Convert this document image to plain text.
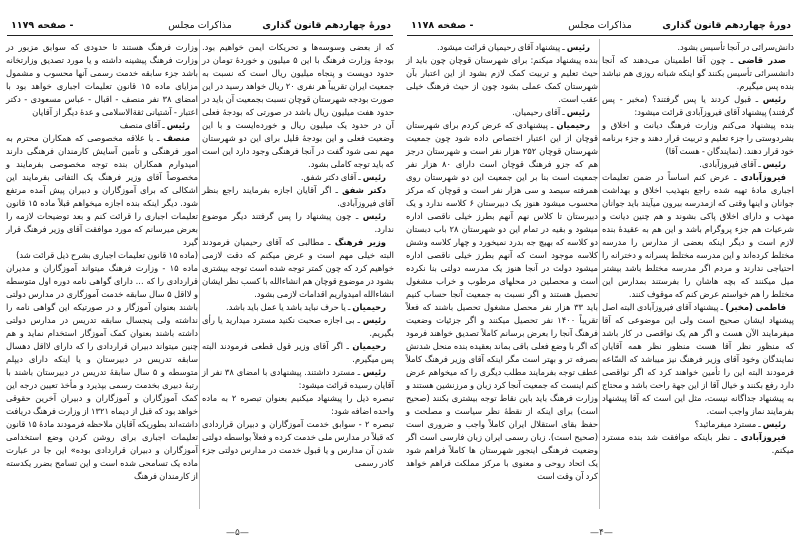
دورهٔ چهاردهم قانون گذاری
مذاکرات مجلس
- صفحه ۱۱۷۹

که از بعضی وسوسه‌ها و تحریکات ایمن خواهیم بود. بودجهٔ وزارت فرهنگ با این ۵ میلیون و خوردهٔ تومان در حدود دویست و پنجاه میلیون ریال است که نسبت به جمعیت ایران تقریباً هر نفری ۲۰ ریال خواهد رسید در این صورت بودجه شهرستان قوچان نسبت بجمعیت آن باید در حدود هفت میلیون ریال باشد در صورتی که بودجهٔ فعلی آن در حدود یک میلیون ریال و خورده‌ایست و با این وضعیت فعلی و این بودجهٔ قلیل برای این دو شهرستان مهم نمی شود گفت در آنجا فرهنگی وجود دارد این است که باید توجه کاملی بشود.

رئیس ـ آقای دکتر شفق.

دکتر شفق ـ اگر آقایان اجازه بفرمایند راجع بنظر آقای فیروزآبادی.

رئیس ـ چون پیشنهاد را پس گرفتند دیگر موضوع ندارد.

وزیر فرهنگ ـ مطالبی که آقای رحیمیان فرمودند البته خیلی مهم است و عرض میکنم که دقت لازمی خواهیم کرد که چون کمتر توجه شده است توجه بیشتری بشود در موضوع قوچان هم انشاءالله با کسب نظر ایشان انشاءالله امیدواریم اقدامات لازمی بشود.

رحیمیان ـ یا حرف نباید باشد یا عمل باید باشد.

رئیس ـ بی اجازه صحبت نکنید مسترد میدارید یا رأی بگیریم.

رحیمیان ـ اگر آقای وزیر قول قطعی فرمودند البته پس میگیرم.

رئیس ـ مسترد داشتند. پیشنهادی با امضای ۳۸ نفر از آقایان رسیده قرائت میشود:

تبصره ذیل را پیشنهاد میکنیم بعنوان تبصره ۲ به ماده واحده اضافه شود:

تبصره ۲ - سوابق خدمت آموزگاران و دبیران قراردادی که قبلاً در مدارس ملی خدمت کرده و فعلاً بواسطه دولتی شدن آن مدارس و یا قبول خدمت در مدارس دولتی جزء کادر رسمی

وزارت فرهنگ هستند تا حدودی که سوابق مزبور در وزارت فرهنگ پیشینه داشته و یا مورد تصدیق وزارتخانه باشد جزء سابقه خدمت رسمی آنها محسوب و مشمول مزایای ماده ۱۵ قانون تعلیمات اجباری خواهد بود با امضای ۳۸ نفر منصف - اقبال - عباس مسعودی - دکتر اعتبار - آشتیانی ثقةالاسلامی و عدهٔ دیگر از آقایان

رئیس ـ آقای منصف

منصف ـ با علاقه مخصوصی که همکاران محترم به امور فرهنگی و تأمین آسایش کارمندان فرهنگی دارند امیدوارم همکاران بنده توجه مخصوصی بفرمایند و مخصوصاً آقای وزیر فرهنگ یک التفاتی بفرمایند این اشکالی که برای آموزگاران و دبیران پیش آمده مرتفع شود. دیگر اینکه بنده اجازه میخواهم قبلاً ماده ۱۵ قانون تعلیمات اجباری را قرائت کنم و بعد توضیحات لازمه را بعرض میرسانم که مورد موافقت آقای وزیر فرهنگ قرار گیرد

(ماده ۱۵ قانون تعلیمات اجباری بشرح ذیل قرائت شد)

ماده ۱۵ - وزارت فرهنگ میتواند آموزگاران و مدیران قراردادی را که ... دارای گواهی نامه دوره اول متوسطه و لااقل ۵ سال سابقه خدمت آموزگاری در مدارس دولتی باشند بعنوان آموزگار و در صورتیکه این گواهی نامه را نداشته ولی پنجسال سابقه تدریس در مدارس دولتی داشته باشند بعنوان کمک آموزگار استخدام نماید و هم چنین میتواند دبیران قراردادی را که دارای لااقل دهسال سابقه تدریس در دبیرستان و یا اینکه دارای دیپلم متوسطه و ۵ سال سابقهٔ تدریس در دبیرستان باشند با رتبهٔ دبیری بخدمت رسمی بپذیرد و مأخذ تعیین درجه این کمک آموزگاران و آموزگاران و دبیران آخرین حقوقی خواهد بود که قبل از دیماه ۱۳۲۱ از وزارت فرهنگ دریافت داشته‌اند بطوریکه آقایان ملاحظه فرمودند مادهٔ ۱۵ قانون تعلیمات اجباری برای روشن کردن وضع استخدامی آموزگاران و دبیران قراردادی بوده» این جا در عبارت ماده یک تسامحی شده است و این تسامح بضرر یکدسته از کارمندان فرهنگ

—۵—
دورهٔ چهاردهم قانون گذاری
مذاکرات مجلس
- صفحه ۱۱۷۸

دانش‌سرائی در آنجا تأسیس بشود.

صدر قاضی ـ چون آقا اطمینان می‌دهند که آنجا دانشسرائی تأسیس بکنند گو اینکه شبانه روزی هم نباشد بنده پس میگیرم.

رئیس ـ قبول کردند یا پس گرفتند؟ (مخبر - پس گرفتند) پیشنهاد آقای فیروزآبادی قرائت میشود:

بنده پیشنهاد می‌کنم وزارت فرهنگ دیانت و اخلاق و بشردوستی را جزء تعلیم و تربیت قرار دهند و جزء برنامه خود قرار دهند. (نمایندگان - هست آقا)

رئیس ـ آقای فیروزآبادی.

فیروزآبادی ـ عرض کنم اساساً در ضمن تعلیمات اجباری مادهٔ تهیه شده راجع بتهذیب اخلاق و بهداشت جوانان و اینها وقتی که ازمدرسه بیرون میآیند باید جوانان مهذب و دارای اخلاق پاکی بشوند و هم چنین دیانت و شرعیات هم جزء پروگرام باشد و این هم به عقیدهٔ بنده لازم است و دیگر اینکه بعضی از مدارس را مدرسه مختلط کرده‌اند و این مدرسه مختلط پسرانه و دخترانه را احتیاجی ندارند و مردم اگر مدرسه مختلط باشد بیشتر میل میکنند که بچه هاشان را بفرستند بمدارس این مختلط را هم خواستم عرض کنم که موقوف کنند.

فاطمی (مخبر) ـ پیشنهاد آقای فیروزآبادی البته اصل پیشنهاد ایشان صحیح است ولی این موضوعی که آقا میفرمایند الآن هست و اگر هم یک نواقصی در کار باشد که منظور نظر آقا هست منظور نظر همه آقایان نمایندگان وخود آقای وزیر فرهنگ نیز میباشد که السّاعه فرمودند البته این را تأمین خواهند کرد که اگر نواقصی دارد رفع بکنند و خیال آقا از این جهة راحت باشد و محتاج به پیشنهاد جداگانه نیست، مثل این است که آقا پیشنهاد بفرمایند نماز واجب است.

رئیس ـ مسترد میفرمائید؟

فیروزآبادی ـ نظر باینکه موافقت شد بنده مسترد میکنم.

رئیس ـ پیشنهاد آقای رحیمیان قرائت میشود.

بنده پیشنهاد میکنم: برای شهرستان قوچان چون باید از حیث تعلیم و تربیت کمک لازم بشود از این اعتبار بآن شهرستان کمک عملی بشود چون از حیث فرهنگ خیلی عقب است.

رئیس ـ آقای رحیمیان.

رحیمیان ـ پیشنهادی که عرض کردم برای شهرستان قوچان از این اعتبار اختصاص داده شود چون جمعیت شهرستان قوچان ۲۵۲ هزار نفر است و شهرستان درجز هم که جزو فرهنگ قوچان است دارای ۸۰ هزار نفر جمعیت است بنا بر این جمعیت این دو شهرستان روی همرفته سیصد و سی هزار نفر است و قوچان که مرکز محسوب میشود هنوز یک دبیرستان ۶ کلاسه ندارد و یک دبیرستان تا کلاس نهم آنهم بطرز خیلی ناقصی اداره میشود و بقیه در تمام این دو شهرستان ۲۸ باب دبستان دو کلاسه که بهیچ جه بدرد نمیخورد و چهار کلاسه وشش کلاسه موجود است که آنهم بطرز خیلی ناقصی اداره میشود دولت در آنجا هنوز یک مدرسه دولتی بنا نکرده است و محصلین در محلهای مرطوب و خراب مشغول تحصیل هستند و اگر نسبت به جمعیت آنجا حساب کنیم باید ۳۳ هزار نفر محصل مشغول تحصیل باشند که فعلاً تقریباً ۱۴۰۰ نفر تحصیل میکنند و اگر جزئیات وضعیت فرهنگ آنجا را بعرض برسانم کاملاً تصدیق خواهند فرمود که اگر با وضع فعلی باقی بماند بعقیده بنده منحل شدنش بصرفه تر و بهتر است مگر اینکه آقای وزیر فرهنگ کاملاً عطف توجه بفرمایند مطلب دیگری را که میخواهم عرض کنم اینست که جمعیت آنجا کرد زبان و مرزنشین هستند و وزارت فرهنگ باید باین نقاط توجه بیشتری بکنند (صحیح است) برای اینکه از نقطهٔ نظر سیاست و مصلحت و حفظ بقای استقلال ایران کاملاً واجب و ضروری است (صحیح است). زبان رسمی ایران زبان فارسی است اگر وضعیت فرهنگی اینجور شهرستان ها کاملاً فراهم شود یک اتحاد روحی و معنوی با مرکز مملکت فراهم خواهد کرد آن وقت است

—۴—
